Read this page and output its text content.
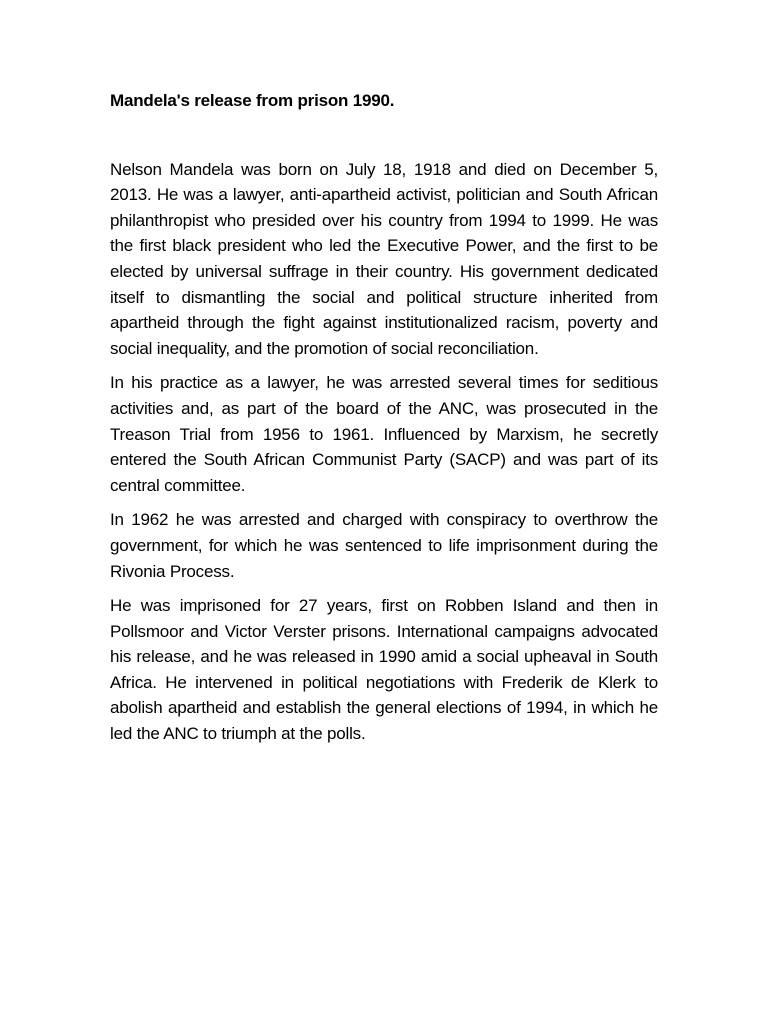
Mandela's release from prison 1990.

Nelson Mandela was born on July 18, 1918 and died on December 5, 2013. He was a lawyer, anti-apartheid activist, politician and South African philanthropist who presided over his country from 1994 to 1999. He was the first black president who led the Executive Power, and the first to be elected by universal suffrage in their country. His government dedicated itself to dismantling the social and political structure inherited from apartheid through the fight against institutionalized racism, poverty and social inequality, and the promotion of social reconciliation.

In his practice as a lawyer, he was arrested several times for seditious activities and, as part of the board of the ANC, was prosecuted in the Treason Trial from 1956 to 1961. Influenced by Marxism, he secretly entered the South African Communist Party (SACP) and was part of its central committee.

In 1962 he was arrested and charged with conspiracy to overthrow the government, for which he was sentenced to life imprisonment during the Rivonia Process.

He was imprisoned for 27 years, first on Robben Island and then in Pollsmoor and Victor Verster prisons. International campaigns advocated his release, and he was released in 1990 amid a social upheaval in South Africa. He intervened in political negotiations with Frederik de Klerk to abolish apartheid and establish the general elections of 1994, in which he led the ANC to triumph at the polls.
